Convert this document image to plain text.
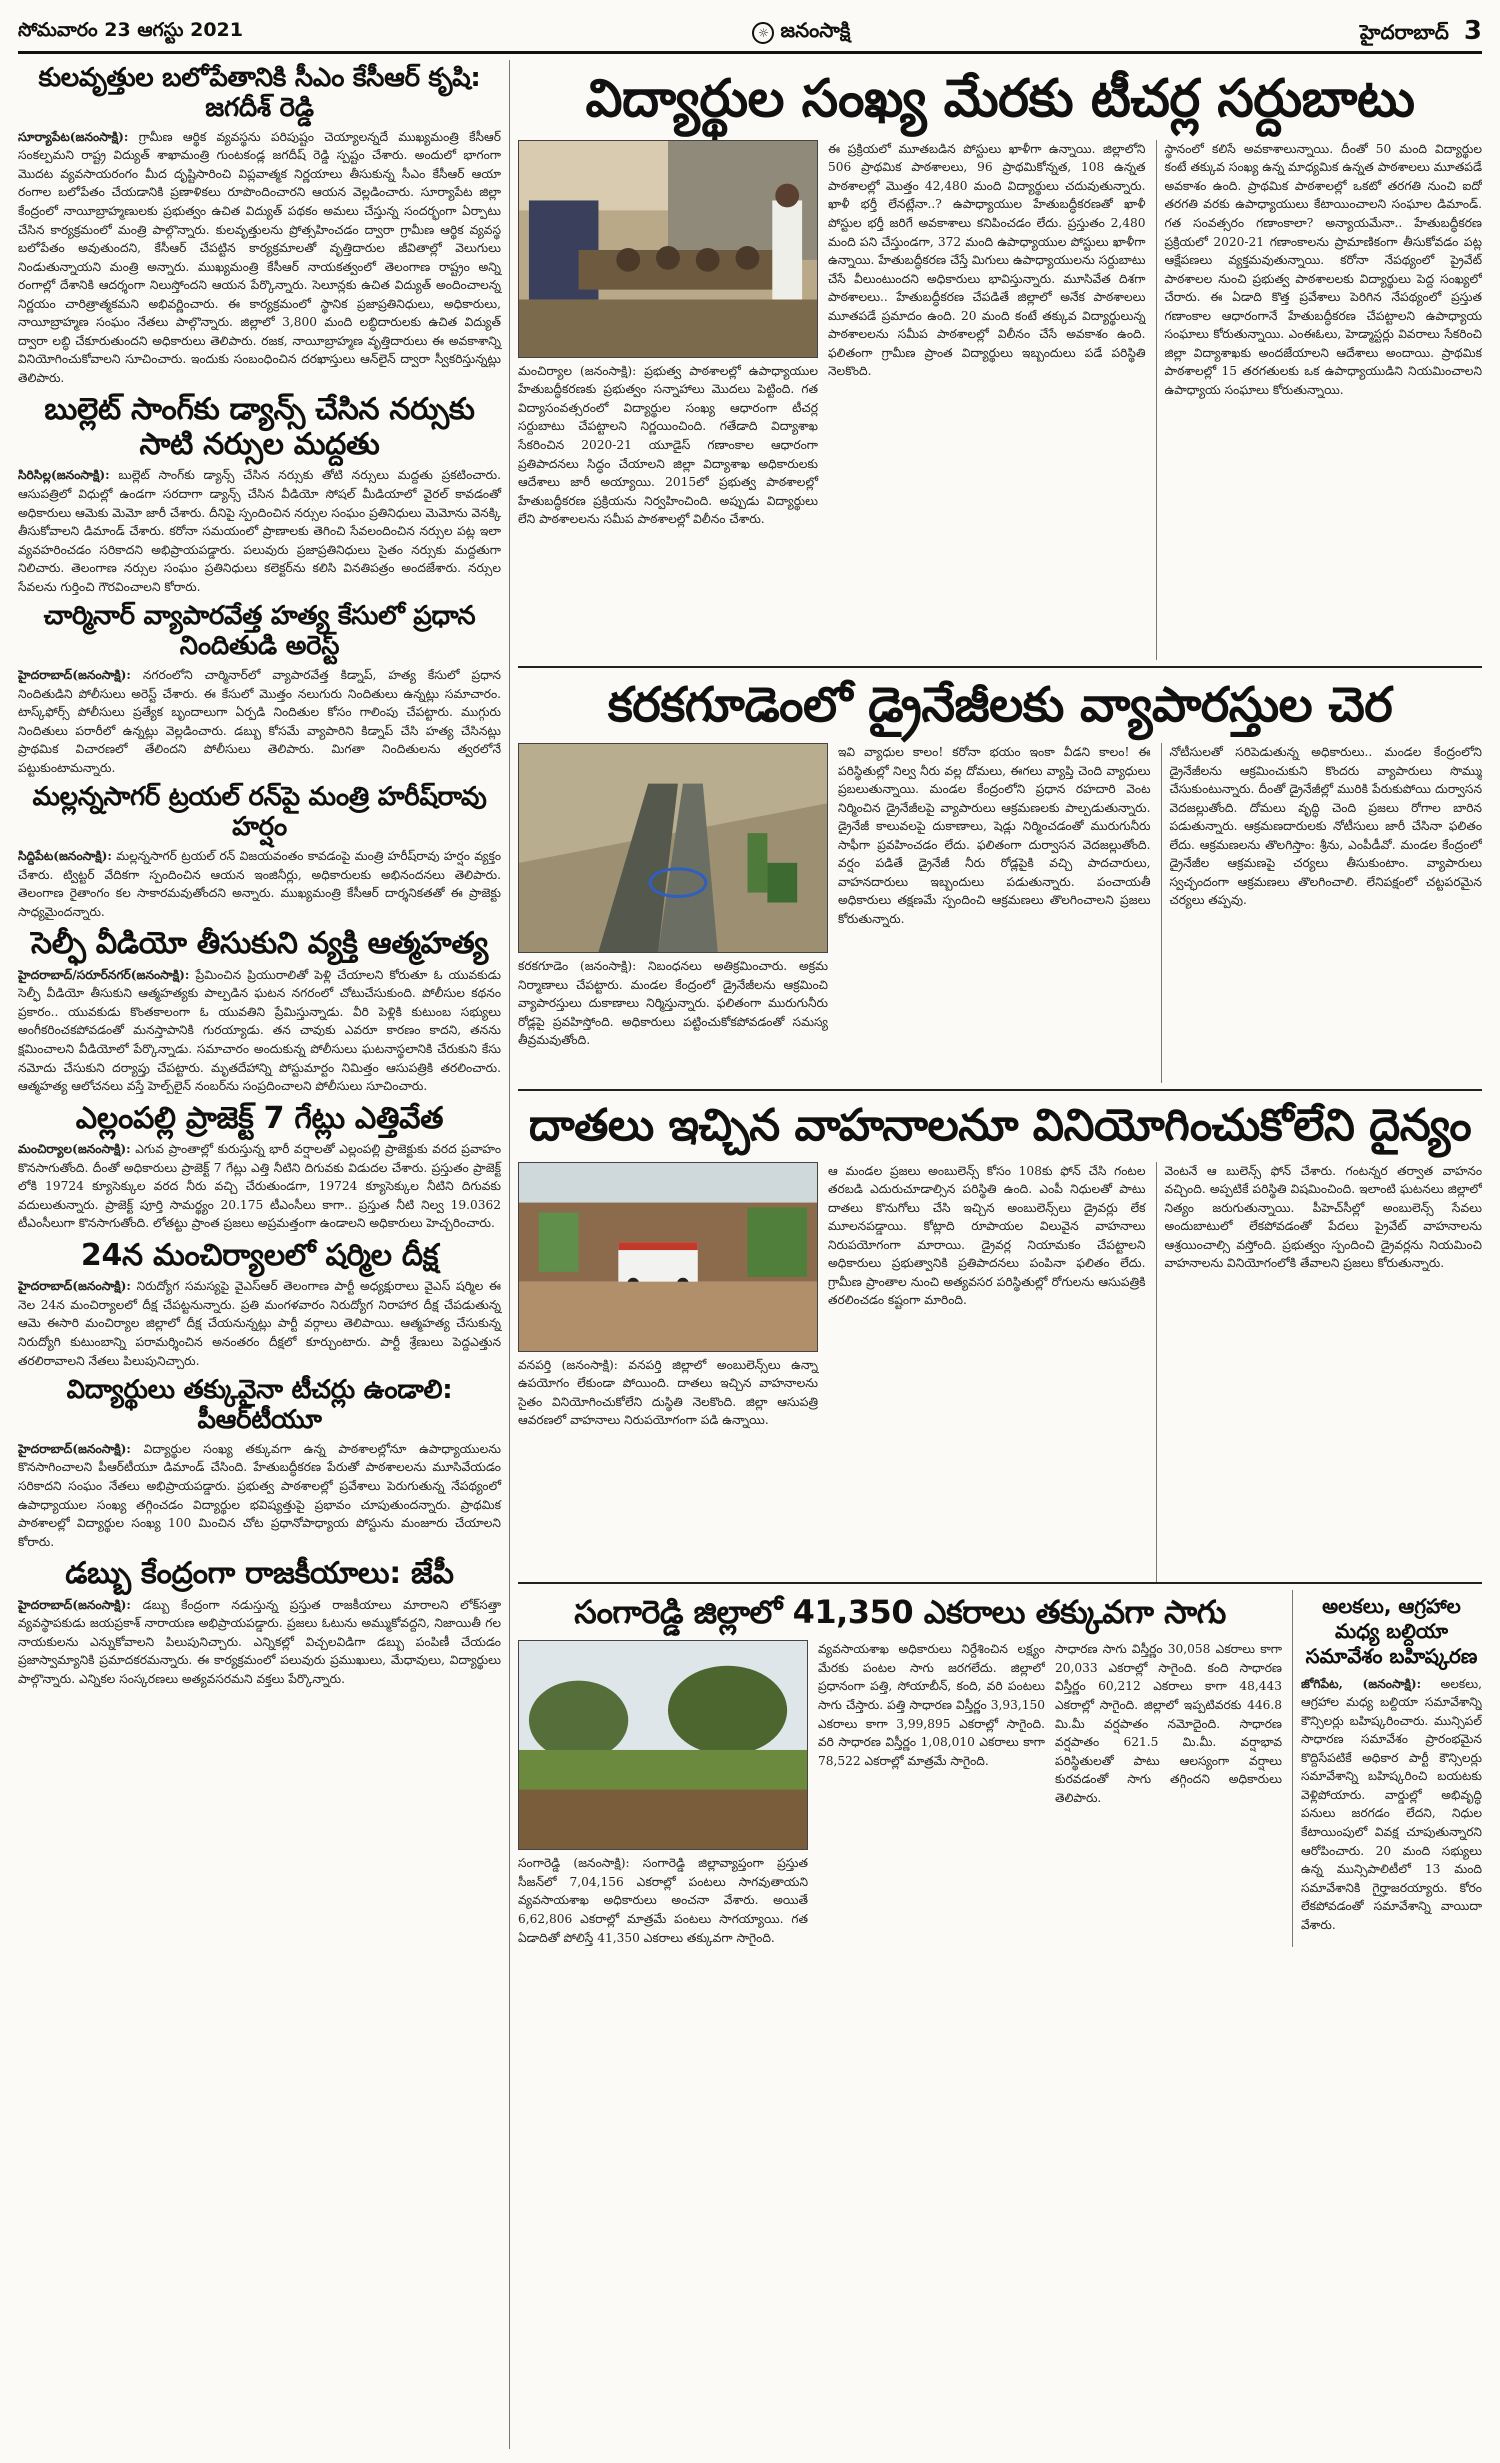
సోమవారం 23 ఆగస్టు 2021	☼ జనంసాక్షి	హైదరాబాద్ 3
కులవృత్తుల బలోపేతానికి సీఎం కేసీఆర్‌ కృషి: జగదీశ్‌ రెడ్డి

సూర్యాపేట(జనంసాక్షి): గ్రామీణ ఆర్థిక వ్యవస్థను పరిపుష్టం చెయ్యాలన్నదే ముఖ్యమంత్రి కేసీఆర్‌ సంకల్పమని రాష్ట్ర విద్యుత్‌ శాఖామంత్రి గుంటకండ్ల జగదీష్‌ రెడ్డి స్పష్టం చేశారు. అందులో భాగంగా మొదట వ్యవసాయరంగం మీద దృష్టిసారించి విప్లవాత్మక నిర్ణయాలు తీసుకున్న సీఎం కేసీఆర్‌ ఆయా రంగాల బలోపేతం చేయడానికి ప్రణాళికలు రూపొందించారని ఆయన వెల్లడించారు. సూర్యాపేట జిల్లా కేంద్రంలో నాయీబ్రాహ్మణులకు ప్రభుత్వం ఉచిత విద్యుత్‌ పథకం అమలు చేస్తున్న సందర్భంగా ఏర్పాటు చేసిన కార్యక్రమంలో మంత్రి పాల్గొన్నారు. కులవృత్తులను ప్రోత్సహించడం ద్వారా గ్రామీణ ఆర్థిక వ్యవస్థ బలోపేతం అవుతుందని, కేసీఆర్‌ చేపట్టిన కార్యక్రమాలతో వృత్తిదారుల జీవితాల్లో వెలుగులు నిండుతున్నాయని మంత్రి అన్నారు. ముఖ్యమంత్రి కేసీఆర్‌ నాయకత్వంలో తెలంగాణ రాష్ట్రం అన్ని రంగాల్లో దేశానికి ఆదర్శంగా నిలుస్తోందని ఆయన పేర్కొన్నారు. సెలూన్లకు ఉచిత విద్యుత్‌ అందించాలన్న నిర్ణయం చారిత్రాత్మకమని అభివర్ణించారు. ఈ కార్యక్రమంలో స్థానిక ప్రజాప్రతినిధులు, అధికారులు, నాయీబ్రాహ్మణ సంఘం నేతలు పాల్గొన్నారు. జిల్లాలో 3,800 మంది లబ్ధిదారులకు ఉచిత విద్యుత్‌ ద్వారా లబ్ధి చేకూరుతుందని అధికారులు తెలిపారు. రజక, నాయీబ్రాహ్మణ వృత్తిదారులు ఈ అవకాశాన్ని వినియోగించుకోవాలని సూచించారు. ఇందుకు సంబంధించిన దరఖాస్తులు ఆన్‌లైన్‌ ద్వారా స్వీకరిస్తున్నట్లు తెలిపారు.

బుల్లెట్‌ సాంగ్‌కు డ్యాన్స్‌ చేసిన నర్సుకు సాటి నర్సుల మద్దతు

సిరిసిల్ల(జనంసాక్షి): బుల్లెట్‌ సాంగ్‌కు డ్యాన్స్‌ చేసిన నర్సుకు తోటి నర్సులు మద్దతు ప్రకటించారు. ఆసుపత్రిలో విధుల్లో ఉండగా సరదాగా డ్యాన్స్‌ చేసిన వీడియో సోషల్‌ మీడియాలో వైరల్‌ కావడంతో అధికారులు ఆమెకు మెమో జారీ చేశారు. దీనిపై స్పందించిన నర్సుల సంఘం ప్రతినిధులు మెమోను వెనక్కి తీసుకోవాలని డిమాండ్‌ చేశారు. కరోనా సమయంలో ప్రాణాలకు తెగించి సేవలందించిన నర్సుల పట్ల ఇలా వ్యవహరించడం సరికాదని అభిప్రాయపడ్డారు. పలువురు ప్రజాప్రతినిధులు సైతం నర్సుకు మద్దతుగా నిలిచారు. తెలంగాణ నర్సుల సంఘం ప్రతినిధులు కలెక్టర్‌ను కలిసి వినతిపత్రం అందజేశారు. నర్సుల సేవలను గుర్తించి గౌరవించాలని కోరారు.

చార్మినార్‌ వ్యాపారవేత్త హత్య కేసులో ప్రధాన నిందితుడి అరెస్ట్‌

హైదరాబాద్‌(జనంసాక్షి): నగరంలోని చార్మినార్‌లో వ్యాపారవేత్త కిడ్నాప్‌, హత్య కేసులో ప్రధాన నిందితుడిని పోలీసులు అరెస్ట్‌ చేశారు. ఈ కేసులో మొత్తం నలుగురు నిందితులు ఉన్నట్లు సమాచారం. టాస్క్‌ఫోర్స్‌ పోలీసులు ప్రత్యేక బృందాలుగా ఏర్పడి నిందితుల కోసం గాలింపు చేపట్టారు. ముగ్గురు నిందితులు పరారీలో ఉన్నట్లు వెల్లడించారు. డబ్బు కోసమే వ్యాపారిని కిడ్నాప్‌ చేసి హత్య చేసినట్లు ప్రాథమిక విచారణలో తేలిందని పోలీసులు తెలిపారు. మిగతా నిందితులను త్వరలోనే పట్టుకుంటామన్నారు.

మల్లన్నసాగర్‌ ట్రయల్‌ రన్‌పై మంత్రి హరీష్‌రావు హర్షం

సిద్దిపేట(జనంసాక్షి): మల్లన్నసాగర్‌ ట్రయల్‌ రన్‌ విజయవంతం కావడంపై మంత్రి హరీష్‌రావు హర్షం వ్యక్తం చేశారు. ట్విట్టర్‌ వేదికగా స్పందించిన ఆయన ఇంజినీర్లు, అధికారులకు అభినందనలు తెలిపారు. తెలంగాణ రైతాంగం కల సాకారమవుతోందని అన్నారు. ముఖ్యమంత్రి కేసీఆర్‌ దార్శనికతతో ఈ ప్రాజెక్టు సాధ్యమైందన్నారు.

సెల్ఫీ వీడియో తీసుకుని వ్యక్తి ఆత్మహత్య

హైదరాబాద్‌/సరూర్‌నగర్‌(జనంసాక్షి): ప్రేమించిన ప్రియురాలితో పెళ్లి చేయాలని కోరుతూ ఓ యువకుడు సెల్ఫీ వీడియో తీసుకుని ఆత్మహత్యకు పాల్పడిన ఘటన నగరంలో చోటుచేసుకుంది. పోలీసుల కథనం ప్రకారం.. యువకుడు కొంతకాలంగా ఓ యువతిని ప్రేమిస్తున్నాడు. వీరి పెళ్లికి కుటుంబ సభ్యులు అంగీకరించకపోవడంతో మనస్తాపానికి గురయ్యాడు. తన చావుకు ఎవరూ కారణం కాదని, తనను క్షమించాలని వీడియోలో పేర్కొన్నాడు. సమాచారం అందుకున్న పోలీసులు ఘటనాస్థలానికి చేరుకుని కేసు నమోదు చేసుకుని దర్యాప్తు చేపట్టారు. మృతదేహాన్ని పోస్టుమార్టం నిమిత్తం ఆసుపత్రికి తరలించారు. ఆత్మహత్య ఆలోచనలు వస్తే హెల్ప్‌లైన్‌ నంబర్‌ను సంప్రదించాలని పోలీసులు సూచించారు.

ఎల్లంపల్లి ప్రాజెక్ట్‌ 7 గేట్లు ఎత్తివేత

మంచిర్యాల(జనంసాక్షి): ఎగువ ప్రాంతాల్లో కురుస్తున్న భారీ వర్షాలతో ఎల్లంపల్లి ప్రాజెక్టుకు వరద ప్రవాహం కొనసాగుతోంది. దీంతో అధికారులు ప్రాజెక్ట్‌ 7 గేట్లు ఎత్తి నీటిని దిగువకు విడుదల చేశారు. ప్రస్తుతం ప్రాజెక్ట్‌ లోకి 19724 క్యూసెక్కుల వరద నీరు వచ్చి చేరుతుండగా, 19724 క్యూసెక్కుల నీటిని దిగువకు వదులుతున్నారు. ప్రాజెక్ట్‌ పూర్తి సామర్థ్యం 20.175 టీఎంసీలు కాగా.. ప్రస్తుత నీటి నిల్వ 19.0362 టీఎంసీలుగా కొనసాగుతోంది. లోతట్టు ప్రాంత ప్రజలు అప్రమత్తంగా ఉండాలని అధికారులు హెచ్చరించారు.

24న మంచిర్యాలలో షర్మిల దీక్ష

హైదరాబాద్‌(జనంసాక్షి): నిరుద్యోగ సమస్యపై వైఎస్‌ఆర్‌ తెలంగాణ పార్టీ అధ్యక్షురాలు వైఎస్‌ షర్మిల ఈ నెల 24న మంచిర్యాలలో దీక్ష చేపట్టనున్నారు. ప్రతి మంగళవారం నిరుద్యోగ నిరాహార దీక్ష చేపడుతున్న ఆమె ఈసారి మంచిర్యాల జిల్లాలో దీక్ష చేయనున్నట్లు పార్టీ వర్గాలు తెలిపాయి. ఆత్మహత్య చేసుకున్న నిరుద్యోగి కుటుంబాన్ని పరామర్శించిన అనంతరం దీక్షలో కూర్చుంటారు. పార్టీ శ్రేణులు పెద్దఎత్తున తరలిరావాలని నేతలు పిలుపునిచ్చారు.

విద్యార్థులు తక్కువైనా టీచర్లు ఉండాలి: పీఆర్‌టీయూ

హైదరాబాద్‌(జనంసాక్షి): విద్యార్థుల సంఖ్య తక్కువగా ఉన్న పాఠశాలల్లోనూ ఉపాధ్యాయులను కొనసాగించాలని పీఆర్‌టీయూ డిమాండ్‌ చేసింది. హేతుబద్ధీకరణ పేరుతో పాఠశాలలను మూసివేయడం సరికాదని సంఘం నేతలు అభిప్రాయపడ్డారు. ప్రభుత్వ పాఠశాలల్లో ప్రవేశాలు పెరుగుతున్న నేపథ్యంలో ఉపాధ్యాయుల సంఖ్య తగ్గించడం విద్యార్థుల భవిష్యత్తుపై ప్రభావం చూపుతుందన్నారు. ప్రాథమిక పాఠశాలల్లో విద్యార్థుల సంఖ్య 100 మించిన చోట ప్రధానోపాధ్యాయ పోస్టును మంజూరు చేయాలని కోరారు.

డబ్బు కేంద్రంగా రాజకీయాలు: జేపీ

హైదరాబాద్‌(జనంసాక్షి): డబ్బు కేంద్రంగా నడుస్తున్న ప్రస్తుత రాజకీయాలు మారాలని లోక్‌సత్తా వ్యవస్థాపకుడు జయప్రకాశ్‌ నారాయణ అభిప్రాయపడ్డారు. ప్రజలు ఓటును అమ్ముకోవద్దని, నిజాయితీ గల నాయకులను ఎన్నుకోవాలని పిలుపునిచ్చారు. ఎన్నికల్లో విచ్చలవిడిగా డబ్బు పంపిణీ చేయడం ప్రజాస్వామ్యానికి ప్రమాదకరమన్నారు. ఈ కార్యక్రమంలో పలువురు ప్రముఖులు, మేధావులు, విద్యార్థులు పాల్గొన్నారు. ఎన్నికల సంస్కరణలు అత్యవసరమని వక్తలు పేర్కొన్నారు.

విద్యార్థుల సంఖ్య మేరకు టీచర్ల సర్దుబాటు
మంచిర్యాల (జనంసాక్షి): ప్రభుత్వ పాఠశాలల్లో ఉపాధ్యాయుల హేతుబద్ధీకరణకు ప్రభుత్వం సన్నాహాలు మొదలు పెట్టింది. గత విద్యాసంవత్సరంలో విద్యార్థుల సంఖ్య ఆధారంగా టీచర్ల సర్దుబాటు చేపట్టాలని నిర్ణయించింది. గతేడాది విద్యాశాఖ సేకరించిన 2020-21 యూడైస్‌ గణాంకాల ఆధారంగా ప్రతిపాదనలు సిద్ధం చేయాలని జిల్లా విద్యాశాఖ అధికారులకు ఆదేశాలు జారీ అయ్యాయి. 2015లో ప్రభుత్వ పాఠశాలల్లో హేతుబద్ధీకరణ ప్రక్రియను నిర్వహించింది. అప్పుడు విద్యార్థులు లేని పాఠశాలలను సమీప పాఠశాలల్లో విలీనం చేశారు.
ఈ ప్రక్రియలో మూతబడిన పోస్టులు ఖాళీగా ఉన్నాయి. జిల్లాలోని 506 ప్రాథమిక పాఠశాలలు, 96 ప్రాథమికోన్నత, 108 ఉన్నత పాఠశాలల్లో మొత్తం 42,480 మంది విద్యార్థులు చదువుతున్నారు. ఖాళీ భర్తీ లేనట్లేనా..? ఉపాధ్యాయుల హేతుబద్ధీకరణతో ఖాళీ పోస్టుల భర్తీ జరిగే అవకాశాలు కనిపించడం లేదు. ప్రస్తుతం 2,480 మంది పని చేస్తుండగా, 372 మంది ఉపాధ్యాయుల పోస్టులు ఖాళీగా ఉన్నాయి. హేతుబద్ధీకరణ చేస్తే మిగులు ఉపాధ్యాయులను సర్దుబాటు చేసే వీలుంటుందని అధికారులు భావిస్తున్నారు. మూసివేత దిశగా పాఠశాలలు.. హేతుబద్ధీకరణ చేపడితే జిల్లాలో అనేక పాఠశాలలు మూతపడే ప్రమాదం ఉంది. 20 మంది కంటే తక్కువ విద్యార్థులున్న పాఠశాలలను సమీప పాఠశాలల్లో విలీనం చేసే అవకాశం ఉంది. ఫలితంగా గ్రామీణ ప్రాంత విద్యార్థులు ఇబ్బందులు పడే పరిస్థితి నెలకొంది.
స్థానంలో కలిసే అవకాశాలున్నాయి. దీంతో 50 మంది విద్యార్థుల కంటే తక్కువ సంఖ్య ఉన్న మాధ్యమిక ఉన్నత పాఠశాలలు మూతపడే అవకాశం ఉంది. ప్రాథమిక పాఠశాలల్లో ఒకటో తరగతి నుంచి ఐదో తరగతి వరకు ఉపాధ్యాయులు కేటాయించాలని సంఘాల డిమాండ్‌. గత సంవత్సరం గణాంకాలా? అన్యాయమేనా.. హేతుబద్ధీకరణ ప్రక్రియలో 2020-21 గణాంకాలను ప్రామాణికంగా తీసుకోవడం పట్ల ఆక్షేపణలు వ్యక్తమవుతున్నాయి. కరోనా నేపథ్యంలో ప్రైవేట్‌ పాఠశాలల నుంచి ప్రభుత్వ పాఠశాలలకు విద్యార్థులు పెద్ద సంఖ్యలో చేరారు. ఈ ఏడాది కొత్త ప్రవేశాలు పెరిగిన నేపథ్యంలో ప్రస్తుత గణాంకాల ఆధారంగానే హేతుబద్ధీకరణ చేపట్టాలని ఉపాధ్యాయ సంఘాలు కోరుతున్నాయి. ఎంఈఓలు, హెడ్మాస్టర్లు వివరాలు సేకరించి జిల్లా విద్యాశాఖకు అందజేయాలని ఆదేశాలు అందాయి. ప్రాథమిక పాఠశాలల్లో 15 తరగతులకు ఒక ఉపాధ్యాయుడిని నియమించాలని ఉపాధ్యాయ సంఘాలు కోరుతున్నాయి.
కరకగూడెంలో డ్రైనేజీలకు వ్యాపారస్తుల చెర
కరకగూడెం (జనంసాక్షి): నిబంధనలు అతిక్రమించారు. అక్రమ నిర్మాణాలు చేపట్టారు. మండల కేంద్రంలో డ్రైనేజీలను ఆక్రమించి వ్యాపారస్తులు దుకాణాలు నిర్మిస్తున్నారు. ఫలితంగా మురుగునీరు రోడ్లపై ప్రవహిస్తోంది. అధికారులు పట్టించుకోకపోవడంతో సమస్య తీవ్రమవుతోంది.
ఇవి వ్యాధుల కాలం! కరోనా భయం ఇంకా వీడని కాలం! ఈ పరిస్థితుల్లో నిల్వ నీరు వల్ల దోమలు, ఈగలు వ్యాప్తి చెంది వ్యాధులు ప్రబలుతున్నాయి. మండల కేంద్రంలోని ప్రధాన రహదారి వెంట నిర్మించిన డ్రైనేజీలపై వ్యాపారులు ఆక్రమణలకు పాల్పడుతున్నారు. డ్రైనేజీ కాలువలపై దుకాణాలు, షెడ్లు నిర్మించడంతో మురుగునీరు సాఫీగా ప్రవహించడం లేదు. ఫలితంగా దుర్వాసన వెదజల్లుతోంది. వర్షం పడితే డ్రైనేజీ నీరు రోడ్లపైకి వచ్చి పాదచారులు, వాహనదారులు ఇబ్బందులు పడుతున్నారు. పంచాయతీ అధికారులు తక్షణమే స్పందించి ఆక్రమణలు తొలగించాలని ప్రజలు కోరుతున్నారు.
నోటీసులతో సరిపెడుతున్న అధికారులు.. మండల కేంద్రంలోని డ్రైనేజీలను ఆక్రమించుకుని కొందరు వ్యాపారులు సొమ్ము చేసుకుంటున్నారు. దీంతో డ్రైనేజీల్లో మురికి పేరుకుపోయి దుర్వాసన వెదజల్లుతోంది. దోమలు వృద్ధి చెంది ప్రజలు రోగాల బారిన పడుతున్నారు. ఆక్రమణదారులకు నోటీసులు జారీ చేసినా ఫలితం లేదు. ఆక్రమణలను తొలగిస్తాం: శ్రీను, ఎంపీడీవో. మండల కేంద్రంలో డ్రైనేజీల ఆక్రమణపై చర్యలు తీసుకుంటాం. వ్యాపారులు స్వచ్ఛందంగా ఆక్రమణలు తొలగించాలి. లేనిపక్షంలో చట్టపరమైన చర్యలు తప్పవు.
దాతలు ఇచ్చిన వాహనాలనూ వినియోగించుకోలేని దైన్యం
వనపర్తి (జనంసాక్షి): వనపర్తి జిల్లాలో అంబులెన్స్‌లు ఉన్నా ఉపయోగం లేకుండా పోయింది. దాతలు ఇచ్చిన వాహనాలను సైతం వినియోగించుకోలేని దుస్థితి నెలకొంది. జిల్లా ఆసుపత్రి ఆవరణలో వాహనాలు నిరుపయోగంగా పడి ఉన్నాయి.
ఆ మండల ప్రజలు అంబులెన్స్‌ కోసం 108కు ఫోన్‌ చేసి గంటల తరబడి ఎదురుచూడాల్సిన పరిస్థితి ఉంది. ఎంపీ నిధులతో పాటు దాతలు కొనుగోలు చేసి ఇచ్చిన అంబులెన్స్‌లు డ్రైవర్లు లేక మూలనపడ్డాయి. కోట్లాది రూపాయల విలువైన వాహనాలు నిరుపయోగంగా మారాయి. డ్రైవర్ల నియామకం చేపట్టాలని అధికారులు ప్రభుత్వానికి ప్రతిపాదనలు పంపినా ఫలితం లేదు. గ్రామీణ ప్రాంతాల నుంచి అత్యవసర పరిస్థితుల్లో రోగులను ఆసుపత్రికి తరలించడం కష్టంగా మారింది.
వెంటనే ఆ బులెన్స్‌ ఫోన్‌ చేశారు. గంటన్నర తర్వాత వాహనం వచ్చింది. అప్పటికే పరిస్థితి విషమించింది. ఇలాంటి ఘటనలు జిల్లాలో నిత్యం జరుగుతున్నాయి. పీహెచ్‌సీల్లో అంబులెన్స్‌ సేవలు అందుబాటులో లేకపోవడంతో పేదలు ప్రైవేట్‌ వాహనాలను ఆశ్రయించాల్సి వస్తోంది. ప్రభుత్వం స్పందించి డ్రైవర్లను నియమించి వాహనాలను వినియోగంలోకి తేవాలని ప్రజలు కోరుతున్నారు.
సంగారెడ్డి జిల్లాలో 41,350 ఎకరాలు తక్కువగా సాగు
సంగారెడ్డి (జనంసాక్షి): సంగారెడ్డి జిల్లావ్యాప్తంగా ప్రస్తుత సీజన్‌లో 7,04,156 ఎకరాల్లో పంటలు సాగవుతాయని వ్యవసాయశాఖ అధికారులు అంచనా వేశారు. అయితే 6,62,806 ఎకరాల్లో మాత్రమే పంటలు సాగయ్యాయి. గత ఏడాదితో పోలిస్తే 41,350 ఎకరాలు తక్కువగా సాగైంది.
వ్యవసాయశాఖ అధికారులు నిర్దేశించిన లక్ష్యం మేరకు పంటల సాగు జరగలేదు. జిల్లాలో ప్రధానంగా పత్తి, సోయాబీన్‌, కంది, వరి పంటలు సాగు చేస్తారు. పత్తి సాధారణ విస్తీర్ణం 3,93,150 ఎకరాలు కాగా 3,99,895 ఎకరాల్లో సాగైంది. వరి సాధారణ విస్తీర్ణం 1,08,010 ఎకరాలు కాగా 78,522 ఎకరాల్లో మాత్రమే సాగైంది.
సాధారణ సాగు విస్తీర్ణం 30,058 ఎకరాలు కాగా 20,033 ఎకరాల్లో సాగైంది. కంది సాధారణ విస్తీర్ణం 60,212 ఎకరాలు కాగా 48,443 ఎకరాల్లో సాగైంది. జిల్లాలో ఇప్పటివరకు 446.8 మి.మీ వర్షపాతం నమోదైంది. సాధారణ వర్షపాతం 621.5 మి.మీ. వర్షాభావ పరిస్థితులతో పాటు ఆలస్యంగా వర్షాలు కురవడంతో సాగు తగ్గిందని అధికారులు తెలిపారు.
అలకలు, ఆగ్రహాల మధ్య బల్దియా సమావేశం బహిష్కరణ
జోగిపేట, (జనంసాక్షి): అలకలు, ఆగ్రహాల మధ్య బల్దియా సమావేశాన్ని కౌన్సిలర్లు బహిష్కరించారు. మున్సిపల్‌ సాధారణ సమావేశం ప్రారంభమైన కొద్దిసేపటికే అధికార పార్టీ కౌన్సిలర్లు సమావేశాన్ని బహిష్కరించి బయటకు వెళ్లిపోయారు. వార్డుల్లో అభివృద్ధి పనులు జరగడం లేదని, నిధుల కేటాయింపులో వివక్ష చూపుతున్నారని ఆరోపించారు. 20 మంది సభ్యులు ఉన్న మున్సిపాలిటీలో 13 మంది సమావేశానికి గైర్హాజరయ్యారు. కోరం లేకపోవడంతో సమావేశాన్ని వాయిదా వేశారు.
